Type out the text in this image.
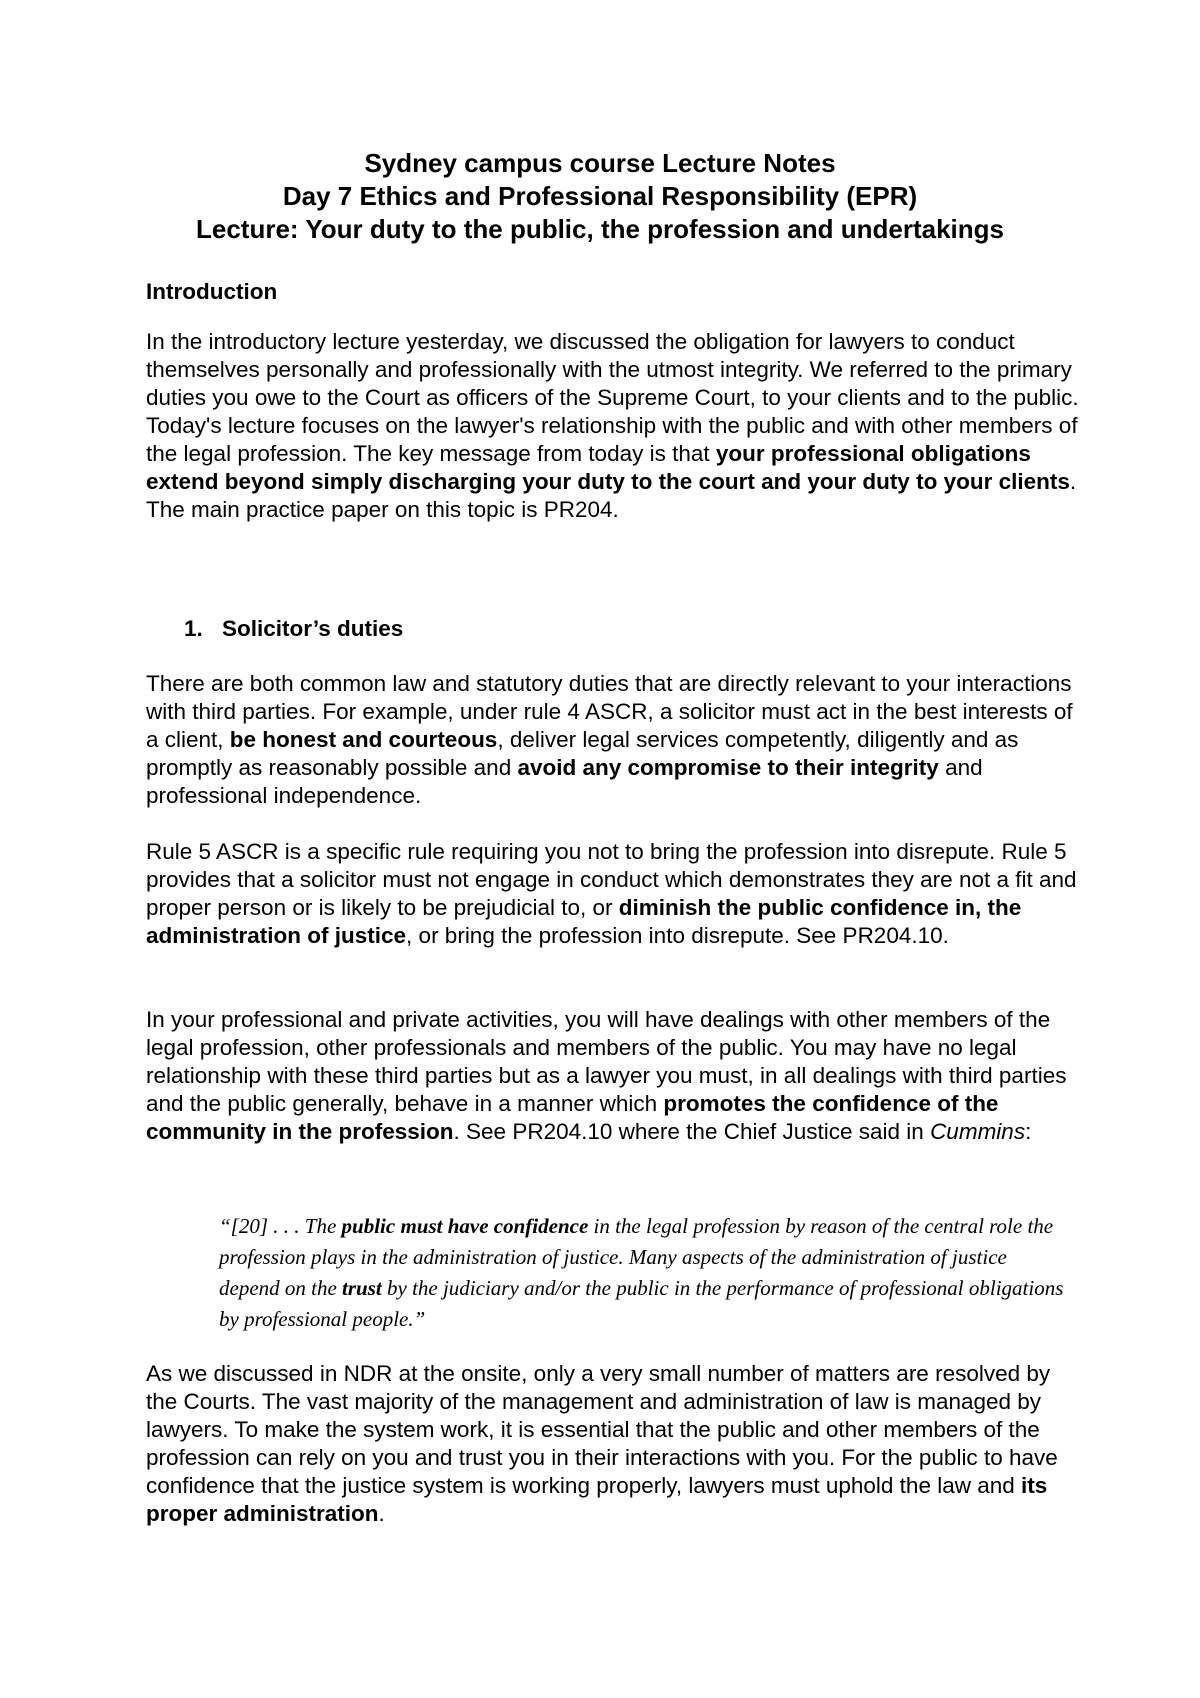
Sydney campus course Lecture Notes
Day 7 Ethics and Professional Responsibility (EPR)
Lecture: Your duty to the public, the profession and undertakings
Introduction

In the introductory lecture yesterday, we discussed the obligation for lawyers to conduct themselves personally and professionally with the utmost integrity. We referred to the primary duties you owe to the Court as officers of the Supreme Court, to your clients and to the public. Today's lecture focuses on the lawyer's relationship with the public and with other members of the legal profession. The key message from today is that your professional obligations extend beyond simply discharging your duty to the court and your duty to your clients. The main practice paper on this topic is PR204.

1. Solicitor’s duties

There are both common law and statutory duties that are directly relevant to your interactions with third parties. For example, under rule 4 ASCR, a solicitor must act in the best interests of a client, be honest and courteous, deliver legal services competently, diligently and as promptly as reasonably possible and avoid any compromise to their integrity and professional independence.

Rule 5 ASCR is a specific rule requiring you not to bring the profession into disrepute. Rule 5 provides that a solicitor must not engage in conduct which demonstrates they are not a fit and proper person or is likely to be prejudicial to, or diminish the public confidence in, the administration of justice, or bring the profession into disrepute. See PR204.10.

In your professional and private activities, you will have dealings with other members of the legal profession, other professionals and members of the public. You may have no legal relationship with these third parties but as a lawyer you must, in all dealings with third parties and the public generally, behave in a manner which promotes the confidence of the community in the profession. See PR204.10 where the Chief Justice said in Cummins:

“[20] . . . The public must have confidence in the legal profession by reason of the central role the profession plays in the administration of justice. Many aspects of the administration of justice depend on the trust by the judiciary and/or the public in the performance of professional obligations by professional people.”

As we discussed in NDR at the onsite, only a very small number of matters are resolved by the Courts. The vast majority of the management and administration of law is managed by lawyers. To make the system work, it is essential that the public and other members of the profession can rely on you and trust you in their interactions with you. For the public to have confidence that the justice system is working properly, lawyers must uphold the law and its proper administration.
